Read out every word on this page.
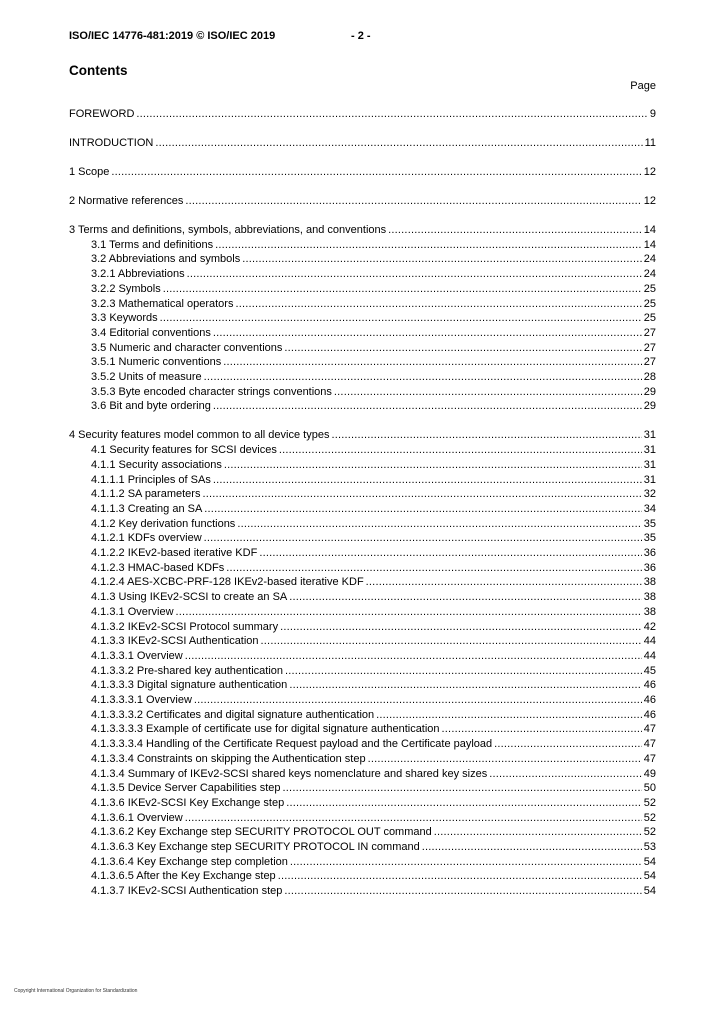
ISO/IEC 14776-481:2019 © ISO/IEC 2019	- 2 -
Contents
Page
FOREWORD .....	9
INTRODUCTION .....	11
1 Scope .....	12
2 Normative references .....	12
3 Terms and definitions, symbols, abbreviations, and conventions .....	14
3.1 Terms and definitions .....	14
3.2 Abbreviations and symbols .....	24
3.2.1 Abbreviations .....	24
3.2.2 Symbols .....	25
3.2.3 Mathematical operators .....	25
3.3 Keywords .....	25
3.4 Editorial conventions .....	27
3.5 Numeric and character conventions .....	27
3.5.1 Numeric conventions .....	27
3.5.2 Units of measure .....	28
3.5.3 Byte encoded character strings conventions .....	29
3.6 Bit and byte ordering .....	29
4 Security features model common to all device types .....	31
4.1 Security features for SCSI devices .....	31
4.1.1 Security associations .....	31
4.1.1.1 Principles of SAs .....	31
4.1.1.2 SA parameters .....	32
4.1.1.3 Creating an SA .....	34
4.1.2 Key derivation functions .....	35
4.1.2.1 KDFs overview .....	35
4.1.2.2 IKEv2-based iterative KDF .....	36
4.1.2.3 HMAC-based KDFs .....	36
4.1.2.4 AES-XCBC-PRF-128 IKEv2-based iterative KDF .....	38
4.1.3 Using IKEv2-SCSI to create an SA .....	38
4.1.3.1 Overview .....	38
4.1.3.2 IKEv2-SCSI Protocol summary .....	42
4.1.3.3 IKEv2-SCSI Authentication .....	44
4.1.3.3.1 Overview .....	44
4.1.3.3.2 Pre-shared key authentication .....	45
4.1.3.3.3 Digital signature authentication .....	46
4.1.3.3.3.1 Overview .....	46
4.1.3.3.3.2 Certificates and digital signature authentication .....	46
4.1.3.3.3.3 Example of certificate use for digital signature authentication .....	47
4.1.3.3.3.4 Handling of the Certificate Request payload and the Certificate payload .....	47
4.1.3.3.4 Constraints on skipping the Authentication step .....	47
4.1.3.4 Summary of IKEv2-SCSI shared keys nomenclature and shared key sizes .....	49
4.1.3.5 Device Server Capabilities step .....	50
4.1.3.6 IKEv2-SCSI Key Exchange step .....	52
4.1.3.6.1 Overview .....	52
4.1.3.6.2 Key Exchange step SECURITY PROTOCOL OUT command .....	52
4.1.3.6.3 Key Exchange step SECURITY PROTOCOL IN command .....	53
4.1.3.6.4 Key Exchange step completion .....	54
4.1.3.6.5 After the Key Exchange step .....	54
4.1.3.7 IKEv2-SCSI Authentication step .....	54
Copyright International Organization for Standardization
